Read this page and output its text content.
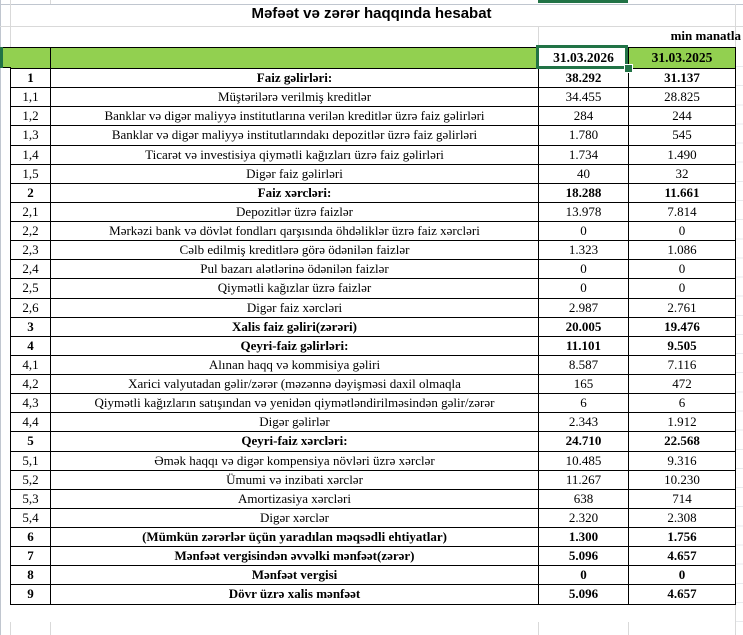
Məfəət və zərər haqqında hesabat
min manatla
		31.03.2026	31.03.2025
1	Faiz gəlirləri:	38.292	31.137
1,1	Müştərilərə verilmiş kreditlər	34.455	28.825
1,2	Banklar və digər maliyyə institutlarına verilən kreditlər üzrə faiz gəlirləri	284	244
1,3	Banklar və digər maliyyə institutlarındakı depozitlər üzrə faiz gəlirləri	1.780	545
1,4	Ticarət və investisiya qiymətli kağızları üzrə faiz gəlirləri	1.734	1.490
1,5	Digər faiz gəlirləri	40	32
2	Faiz xərcləri:	18.288	11.661
2,1	Depozitlər üzrə faizlər	13.978	7.814
2,2	Mərkəzi bank və dövlət fondları qarşısında öhdəliklər üzrə faiz xərcləri	0	0
2,3	Cəlb edilmiş kreditlərə görə ödənilən faizlər	1.323	1.086
2,4	Pul bazarı alətlərinə ödənilən faizlər	0	0
2,5	Qiymətli kağızlar üzrə faizlər	0	0
2,6	Digər faiz xərcləri	2.987	2.761
3	Xalis faiz gəliri(zərəri)	20.005	19.476
4	Qeyri-faiz gəlirləri:	11.101	9.505
4,1	Alınan haqq və kommisiya gəliri	8.587	7.116
4,2	Xarici valyutadan gəlir/zərər (məzənnə dəyişməsi daxil olmaqla	165	472
4,3	Qiymətli kağızların satışından və yenidən qiymətləndirilməsindən gəlir/zərər	6	6
4,4	Digər gəlirlər	2.343	1.912
5	Qeyri-faiz xərcləri:	24.710	22.568
5,1	Əmək haqqı və digər kompensiya növləri üzrə xərclər	10.485	9.316
5,2	Ümumi və inzibati xərclər	11.267	10.230
5,3	Amortizasiya xərcləri	638	714
5,4	Digər xərclər	2.320	2.308
6	(Mümkün zərərlər üçün yaradılan məqsədli ehtiyatlar)	1.300	1.756
7	Mənfəət vergisindən əvvəlki mənfəət(zərər)	5.096	4.657
8	Mənfəət vergisi	0	0
9	Dövr üzrə xalis mənfəət	5.096	4.657
